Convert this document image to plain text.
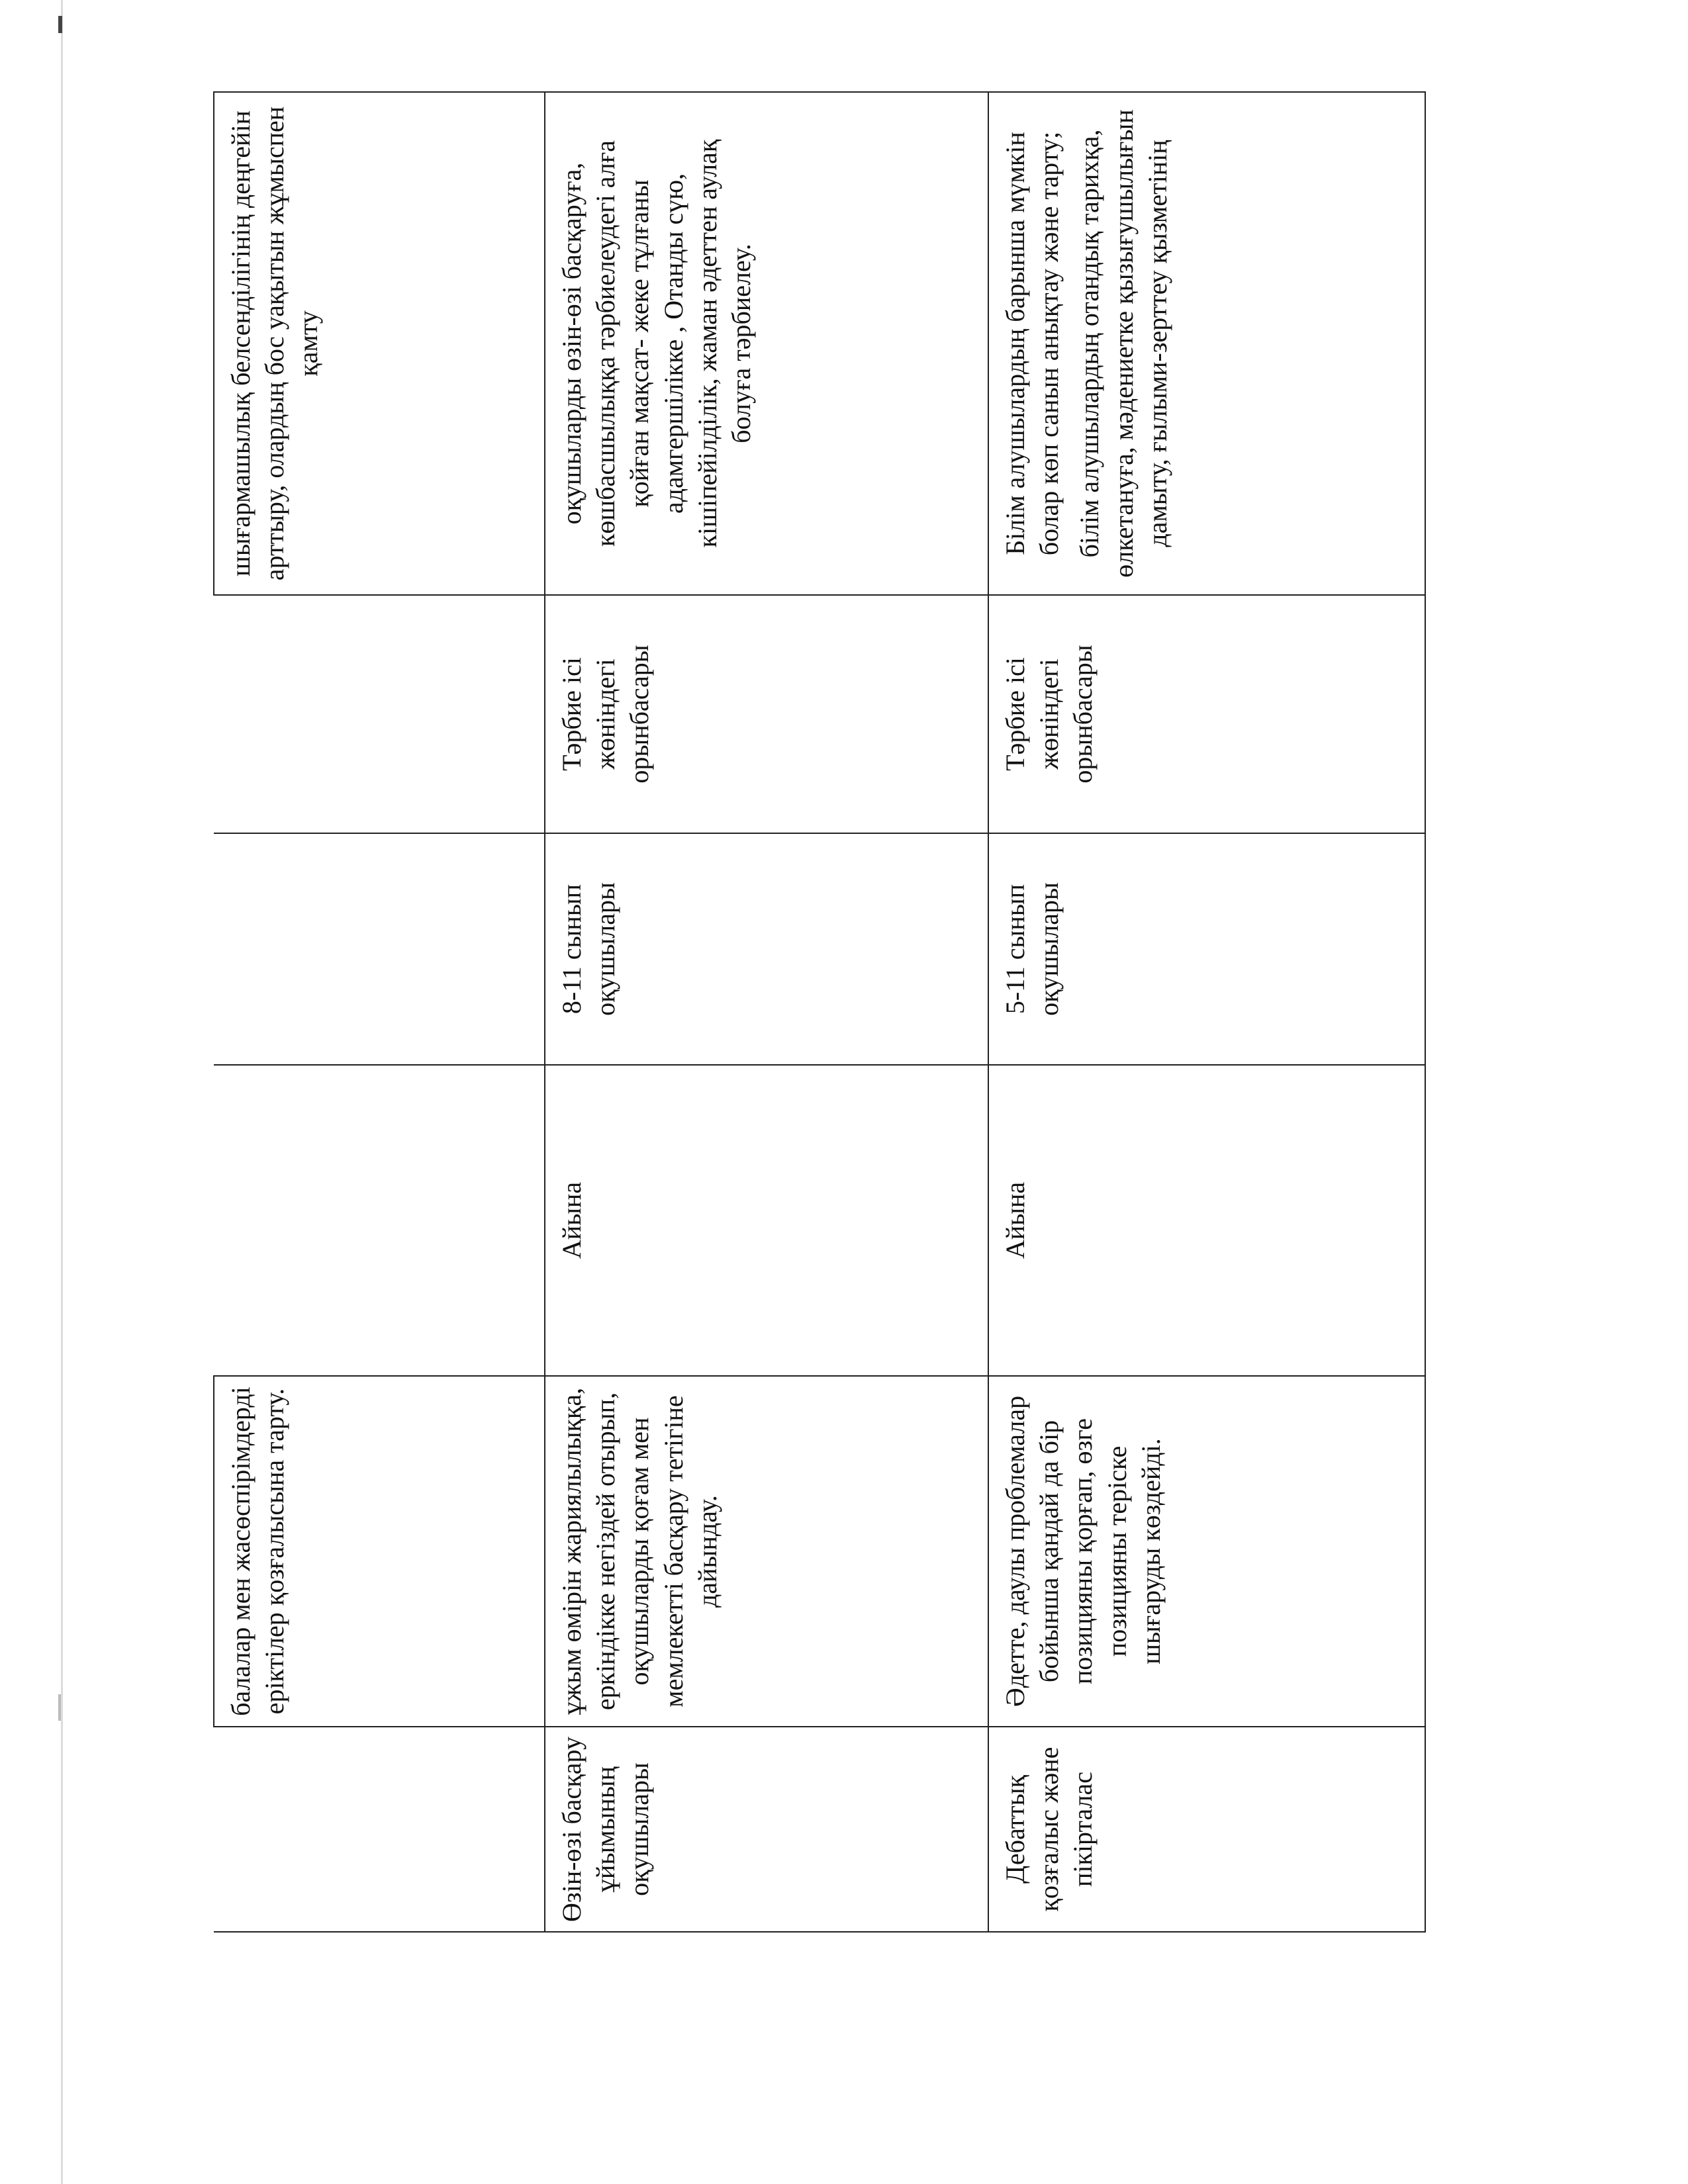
	балалар мен жасөспірімдерді еріктілер қозғалысына тарту.				шығармашылық белсенділігінің деңгейін арттыру, олардың бос уақытын жұмыспен қамту
Өзін-өзі басқару ұйымының оқушылары	ұжым өмірін жариялылыққа, еркіндікке негіздей отырып, оқушыларды қоғам мен мемлекетті басқару тетігіне дайындау.	Айына	8-11 сынып оқушылары	Тәрбие ісі жөніндегі орынбасары	оқушыларды өзін-өзі басқаруға, көшбасшылыққа тәрбиелеудегі алға қойған мақсат- жеке тұлғаны адамгершілікке , Отанды сүю, кішіпейілділік, жаман әдеттен аулақ болуға тәрбиелеу.
Дебаттық қозғалыс және пікірталас	Әдетте, даулы проблемалар бойынша қандай да бір позицияны қорғап, өзге позицияны теріске шығаруды көздейді.	Айына	5-11 сынып оқушылары	Тәрбие ісі жөніндегі орынбасары	Білім алушылардың барынша мүмкін болар көп санын анықтау және тарту; білім алушылардың отандық тарихқа, өлкетануға, мәдениетке қызығушылығын дамыту, ғылыми-зерттеу қызметінің
